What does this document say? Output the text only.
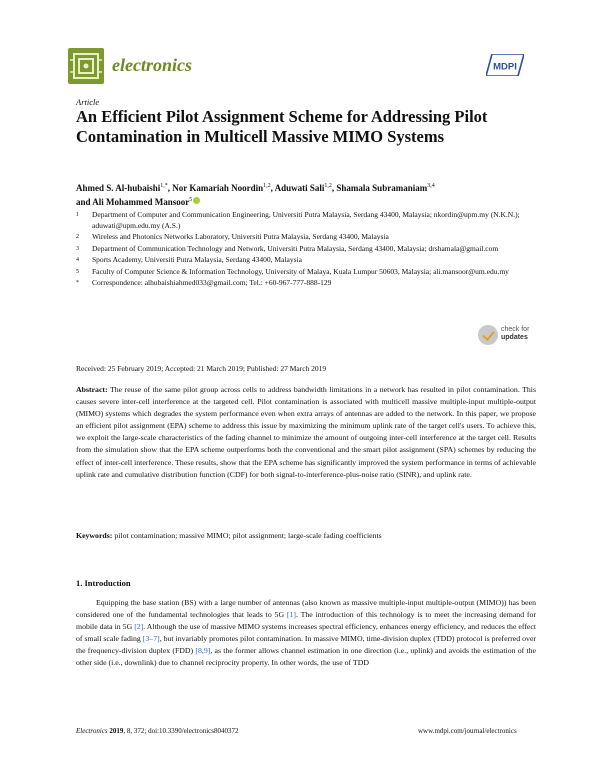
electronics	MDPI
Article
An Efficient Pilot Assignment Scheme for Addressing Pilot Contamination in Multicell Massive MIMO Systems
Ahmed S. Al-hubaishi$^{1,*}$, Nor Kamariah Noordin$^{1,2}$, Aduwati Sali$^{1,2}$, Shamala Subramaniam$^{3,4}$
and Ali Mohammed Mansoor$^5$
1	Department of Computer and Communication Engineering, Universiti Putra Malaysia, Serdang 43400, Malaysia; nkordin@upm.my (N.K.N.); aduwati@upm.edu.my (A.S.)
2	Wireless and Photonics Networks Laboratory, Universiti Putra Malaysia, Serdang 43400, Malaysia
3	Department of Communication Technology and Network, Universiti Putra Malaysia, Serdang 43400, Malaysia; drshamala@gmail.com
4	Sports Academy, Universiti Putra Malaysia, Serdang 43400, Malaysia
5	Faculty of Computer Science & Information Technology, University of Malaya, Kuala Lumpur 50603, Malaysia; ali.mansoor@um.edu.my
*	Correspondence: alhubaishiahmed033@gmail.com; Tel.: +60-967-777-888-129
check for
updates
Received: 25 February 2019; Accepted: 21 March 2019; Published: 27 March 2019

Abstract: The reuse of the same pilot group across cells to address bandwidth limitations in a network has resulted in pilot contamination. This causes severe inter-cell interference at the targeted cell. Pilot contamination is associated with multicell massive multiple-input multiple-output (MIMO) systems which degrades the system performance even when extra arrays of antennas are added to the network. In this paper, we propose an efficient pilot assignment (EPA) scheme to address this issue by maximizing the minimum uplink rate of the target cell's users. To achieve this, we exploit the large-scale characteristics of the fading channel to minimize the amount of outgoing inter-cell interference at the target cell. Results from the simulation show that the EPA scheme outperforms both the conventional and the smart pilot assignment (SPA) schemes by reducing the effect of inter-cell interference. These results, show that the EPA scheme has significantly improved the system performance in terms of achievable uplink rate and cumulative distribution function (CDF) for both signal-to-interference-plus-noise ratio (SINR), and uplink rate.

Keywords: pilot contamination; massive MIMO; pilot assignment; large-scale fading coefficients
1. Introduction

Equipping the base station (BS) with a large number of antennas (also known as massive multiple-input multiple-output (MIMO)) has been considered one of the fundamental technologies that leads to 5G [1]. The introduction of this technology is to meet the increasing demand for mobile data in 5G [2]. Although the use of massive MIMO systems increases spectral efficiency, enhances energy efficiency, and reduces the effect of small scale fading [3–7], but invariably promotes pilot contamination. In massive MIMO, time-division duplex (TDD) protocol is preferred over the frequency-division duplex (FDD) [8,9], as the former allows channel estimation in one direction (i.e., uplink) and avoids the estimation of the other side (i.e., downlink) due to channel reciprocity property. In other words, the use of TDD

Electronics 2019, 8, 372; doi:10.3390/electronics8040372	www.mdpi.com/journal/electronics
